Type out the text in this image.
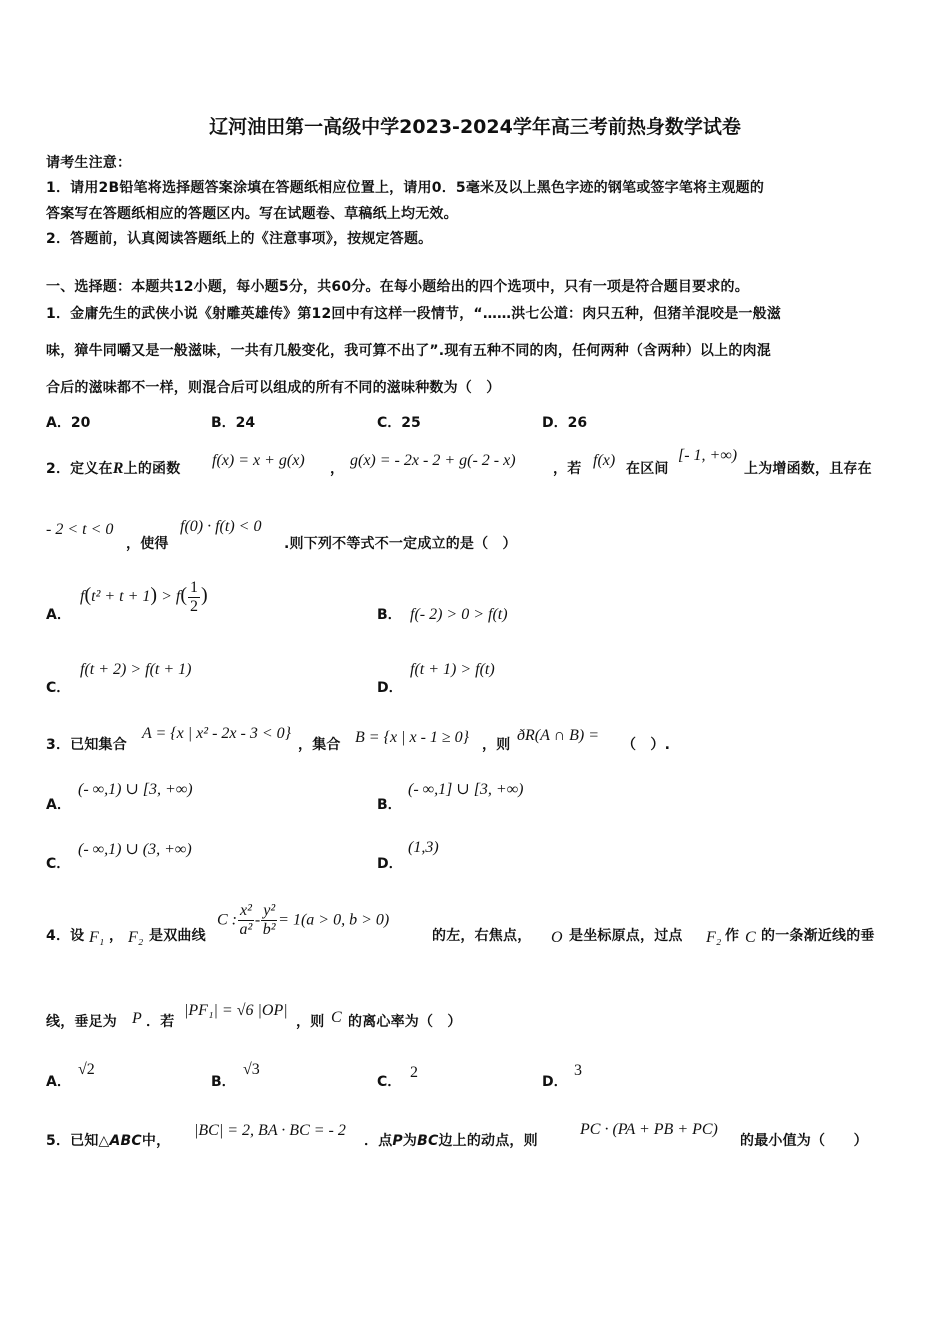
辽河油田第一高级中学2023-2024学年高三考前热身数学试卷
请考生注意：
1．请用2B铅笔将选择题答案涂填在答题纸相应位置上，请用0．5毫米及以上黑色字迹的钢笔或签字笔将主观题的
答案写在答题纸相应的答题区内。写在试题卷、草稿纸上均无效。
2．答题前，认真阅读答题纸上的《注意事项》，按规定答题。
一、选择题：本题共12小题，每小题5分，共60分。在每小题给出的四个选项中，只有一项是符合题目要求的。
1．金庸先生的武侠小说《射雕英雄传》第12回中有这样一段情节，“……洪七公道：肉只五种，但猪羊混咬是一般滋
味，獐牛同嚼又是一般滋味，一共有几般变化，我可算不出了”.现有五种不同的肉，任何两种（含两种）以上的肉混
合后的滋味都不一样，则混合后可以组成的所有不同的滋味种数为（　）
A．20	B．24	C．25	D．26
2．定义在R上的函数 f(x) = x + g(x) ， g(x) = - 2x - 2 + g(- 2 - x)	，若 f(x) 在区间
[- 1, +∞)
上为增函数，且存在
- 2 < t < 0
，使得
f(0) · f(t) < 0
.则下列不等式不一定成立的是（　）
A．
$f(t^2 + t + 1) > f( \frac{1}{2}$ )
B． f(- 2) > 0 > f(t)
C．
f(t + 2) > f(t + 1)
D．
f(t + 1) > f(t)
3．已知集合
A = {x | x² - 2x - 3 < 0}
，集合 B = {x | x - 1 ≥ 0} ，则
ðR(A ∩ B) =
（　）.
A．
(- ∞,1) ∪ [3, +∞)
B．
(- ∞,1] ∪ [3, +∞)
C．
(- ∞,1) ∪ (3, +∞)
D．
(1,3)
4．设 F₁ ， F₂ 是双曲线
C : $\frac{\text{x²}}{\text{a²}} - \frac{\text{y²}}{\text{b²}} = 1(a > 0$, b > 0)
的左，右焦点， O 是坐标原点，过点 F₂ 作 C 的一条渐近线的垂
线，垂足为 P ．若
|PF₁| = √6 |OP|
，则 C 的离心率为（　）
A．
√2
B．
√3
C．
2
D．
3
5．已知△ABC中，
|BC| = 2, BA · BC = - 2
．点P为BC边上的动点，则
PC · (PA + PB + PC)
的最小值为（　　）
